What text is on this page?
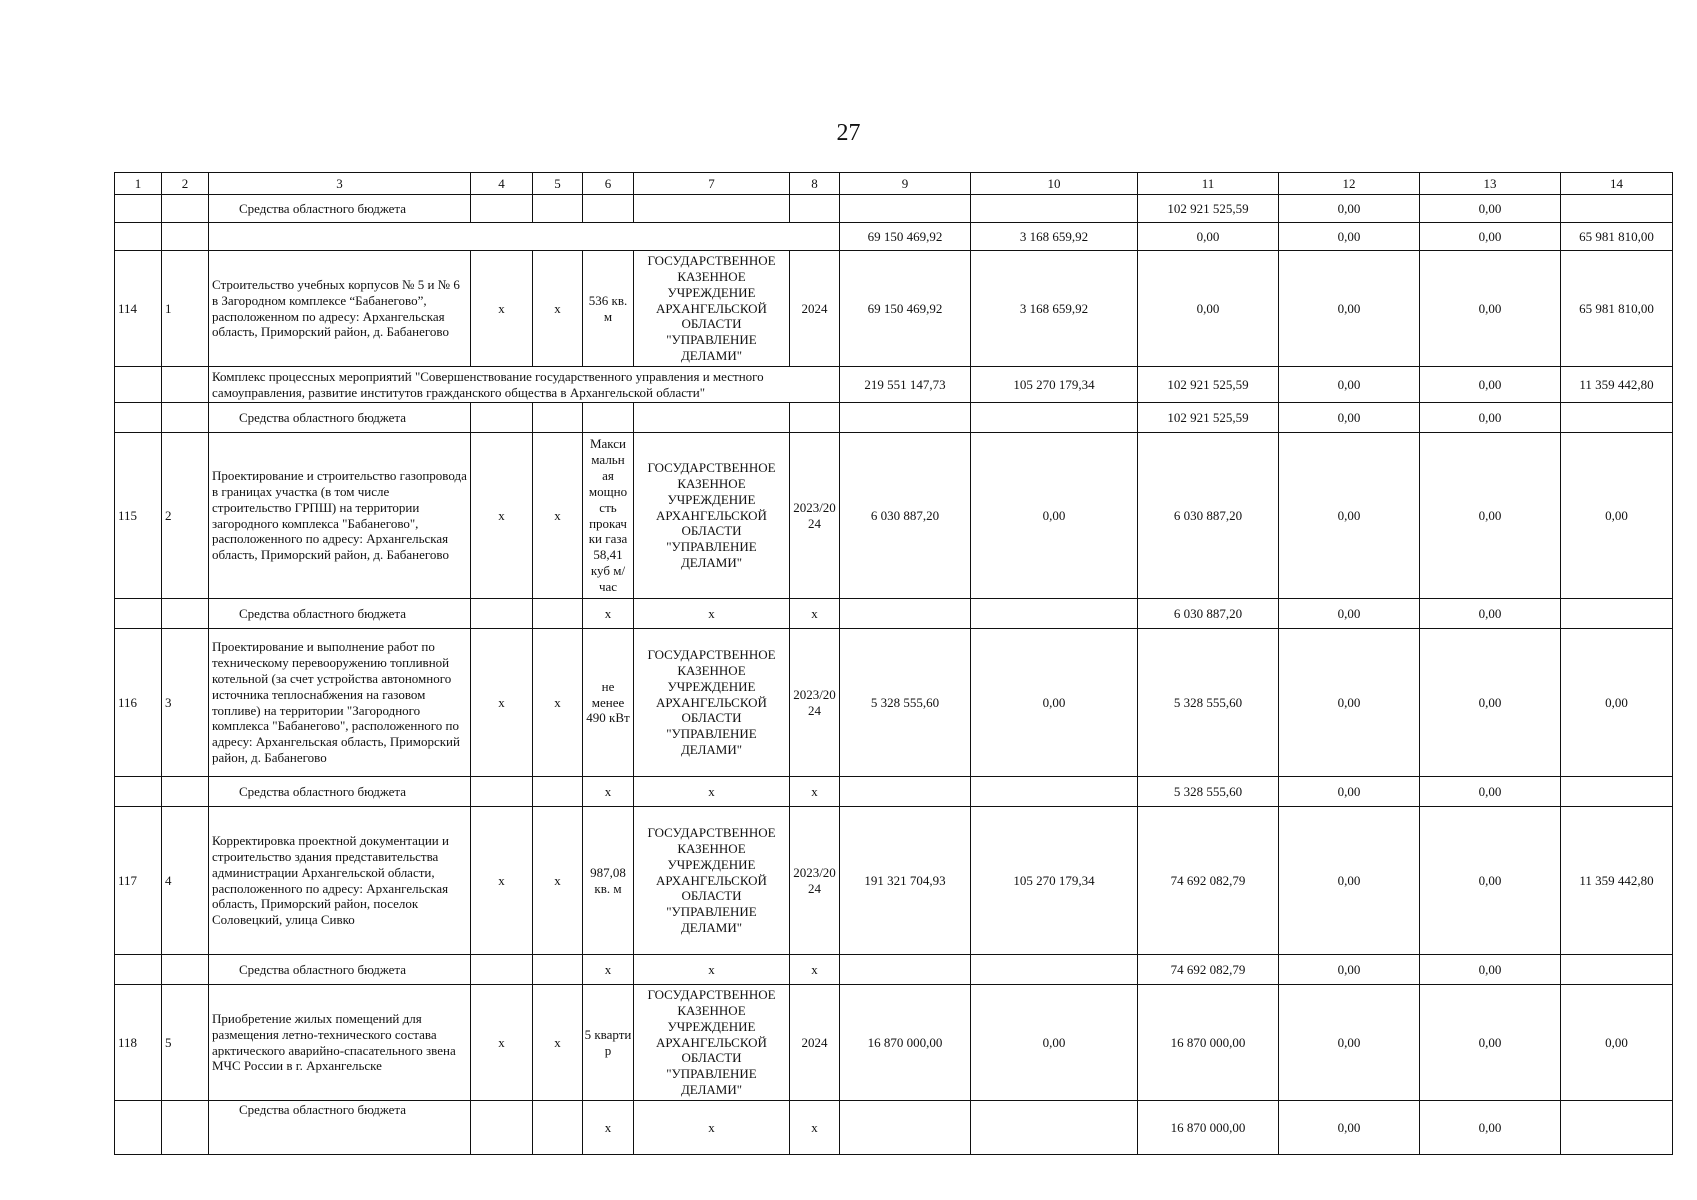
27
1	2	3	4	5	6	7	8	9	10	11	12	13	14
		Средства областного бюджета								102 921 525,59	0,00	0,00	
								69 150 469,92	3 168 659,92	0,00	0,00	0,00	65 981 810,00
114	1	Строительство учебных корпусов № 5 и № 6 в Загородном комплексе “Бабанегово”, расположенном по адресу: Архангельская область, Приморский район, д. Бабанегово	х	х	536 кв. м	ГОСУДАРСТВЕННОЕ КАЗЕННОЕ УЧРЕЖДЕНИЕ АРХАНГЕЛЬСКОЙ ОБЛАСТИ "УПРАВЛЕНИЕ ДЕЛАМИ"	2024	69 150 469,92	3 168 659,92	0,00	0,00	0,00	65 981 810,00
		Комплекс процессных мероприятий "Совершенствование государственного управления и местного самоуправления, развитие институтов гражданского общества в Архангельской области"						219 551 147,73	105 270 179,34	102 921 525,59	0,00	0,00	11 359 442,80
		Средства областного бюджета								102 921 525,59	0,00	0,00	
115	2	Проектирование и строительство газопровода в границах участка (в том числе строительство ГРПШ) на территории загородного комплекса "Бабанегово", расположенного по адресу: Архангельская область, Приморский район, д. Бабанегово	х	х	Макси мальн ая мощно сть прокач ки газа 58,41 куб м/час	ГОСУДАРСТВЕННОЕ КАЗЕННОЕ УЧРЕЖДЕНИЕ АРХАНГЕЛЬСКОЙ ОБЛАСТИ "УПРАВЛЕНИЕ ДЕЛАМИ"	2023/20 24	6 030 887,20	0,00	6 030 887,20	0,00	0,00	0,00
		Средства областного бюджета			х	х	х			6 030 887,20	0,00	0,00	
116	3	Проектирование и выполнение работ по техническому перевооружению топливной котельной (за счет устройства автономного источника теплоснабжения на газовом топливе) на территории "Загородного комплекса "Бабанегово", расположенного по адресу: Архангельская область, Приморский район, д. Бабанегово	х	х	не менее 490 кВт	ГОСУДАРСТВЕННОЕ КАЗЕННОЕ УЧРЕЖДЕНИЕ АРХАНГЕЛЬСКОЙ ОБЛАСТИ "УПРАВЛЕНИЕ ДЕЛАМИ"	2023/20 24	5 328 555,60	0,00	5 328 555,60	0,00	0,00	0,00
		Средства областного бюджета			х	х	х			5 328 555,60	0,00	0,00	
117	4	Корректировка проектной документации и строительство здания представительства администрации Архангельской области, расположенного по адресу: Архангельская область, Приморский район, поселок Соловецкий, улица Сивко	х	х	987,08 кв. м	ГОСУДАРСТВЕННОЕ КАЗЕННОЕ УЧРЕЖДЕНИЕ АРХАНГЕЛЬСКОЙ ОБЛАСТИ "УПРАВЛЕНИЕ ДЕЛАМИ"	2023/20 24	191 321 704,93	105 270 179,34	74 692 082,79	0,00	0,00	11 359 442,80
		Средства областного бюджета			х	х	х			74 692 082,79	0,00	0,00	
118	5	Приобретение жилых помещений для размещения летно-технического состава арктического аварийно-спасательного звена МЧС России в г. Архангельске	х	х	5 кварти р	ГОСУДАРСТВЕННОЕ КАЗЕННОЕ УЧРЕЖДЕНИЕ АРХАНГЕЛЬСКОЙ ОБЛАСТИ "УПРАВЛЕНИЕ ДЕЛАМИ"	2024	16 870 000,00	0,00	16 870 000,00	0,00	0,00	0,00
		Средства областного бюджета			х	х	х			16 870 000,00	0,00	0,00	
